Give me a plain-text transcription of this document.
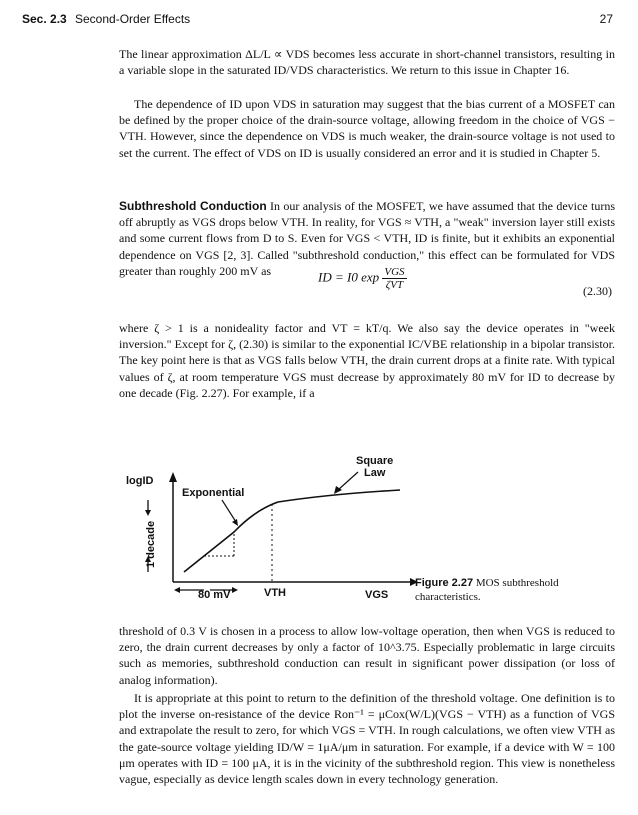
Sec. 2.3 Second-Order Effects	27

The linear approximation ΔL/L ∝ VDS becomes less accurate in short-channel transistors, resulting in a variable slope in the saturated ID/VDS characteristics. We return to this issue in Chapter 16.

The dependence of ID upon VDS in saturation may suggest that the bias current of a MOSFET can be defined by the proper choice of the drain-source voltage, allowing freedom in the choice of VGS − VTH. However, since the dependence on VDS is much weaker, the drain-source voltage is not used to set the current. The effect of VDS on ID is usually considered an error and it is studied in Chapter 5.

Subthreshold Conduction In our analysis of the MOSFET, we have assumed that the device turns off abruptly as VGS drops below VTH. In reality, for VGS ≈ VTH, a "weak" inversion layer still exists and some current flows from D to S. Even for VGS < VTH, ID is finite, but it exhibits an exponential dependence on VGS [2, 3]. Called "subthreshold conduction," this effect can be formulated for VDS greater than roughly 200 mV as	ID = I0 $\exp \frac{\text{VGS}}{\text{ζVT}}$	(2.30)

where ζ > 1 is a nonideality factor and VT = kT/q. We also say the device operates in "week inversion." Except for ζ, (2.30) is similar to the exponential IC/VBE relationship in a bipolar transistor. The key point here is that as VGS falls below VTH, the drain current drops at a finite rate. With typical values of ζ, at room temperature VGS must decrease by approximately 80 mV for ID to decrease by one decade (Fig. 2.27). For example, if a

logID
Exponential
Square
Law
80 mV	VTH	VGS
1 decade
Figure 2.27 MOS subthreshold characteristics.

threshold of 0.3 V is chosen in a process to allow low-voltage operation, then when VGS is reduced to zero, the drain current decreases by only a factor of 10^3.75. Especially problematic in large circuits such as memories, subthreshold conduction can result in significant power dissipation (or loss of analog information).

It is appropriate at this point to return to the definition of the threshold voltage. One definition is to plot the inverse on-resistance of the device Ron⁻¹ = μCox(W/L)(VGS − VTH) as a function of VGS and extrapolate the result to zero, for which VGS = VTH. In rough calculations, we often view VTH as the gate-source voltage yielding ID/W = 1μA/μm in saturation. For example, if a device with W = 100 μm operates with ID = 100 μA, it is in the vicinity of the subthreshold region. This view is nonetheless vague, especially as device length scales down in every technology generation.
